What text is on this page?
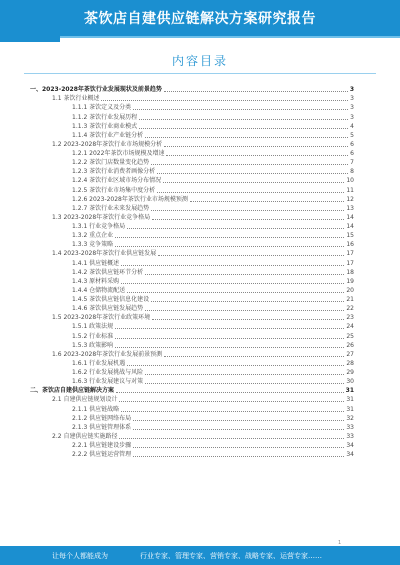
茶饮店自建供应链解决方案研究报告
内容目录
一、2023-2028年茶饮行业发展现状及前景趋势	3
1.1 茶饮行业概述	3
1.1.1 茶饮定义及分类	3
1.1.2 茶饮行业发展历程	3
1.1.3 茶饮行业商业模式	4
1.1.4 茶饮行业产业链分析	5
1.2 2023-2028年茶饮行业市场规模分析	6
1.2.1 2022年茶饮市场规模及增速	6
1.2.2 茶饮门店数量变化趋势	7
1.2.3 茶饮行业消费者画像分析	8
1.2.4 茶饮行业区域市场分布情况	10
1.2.5 茶饮行业市场集中度分析	11
1.2.6 2023-2028年茶饮行业市场规模预测	12
1.2.7 茶饮行业未来发展趋势	13
1.3 2023-2028年茶饮行业竞争格局	14
1.3.1 行业竞争格局	14
1.3.2 重点企业	15
1.3.3 竞争策略	16
1.4 2023-2028年茶饮行业供应链发展	17
1.4.1 供应链概述	17
1.4.2 茶饮供应链环节分析	18
1.4.3 原材料采购	19
1.4.4 仓储物流配送	20
1.4.5 茶饮供应链信息化建设	21
1.4.6 茶饮供应链发展趋势	22
1.5 2023-2028年茶饮行业政策环境	23
1.5.1 政策法规	24
1.5.2 行业标准	25
1.5.3 政策影响	26
1.6 2023-2028年茶饮行业发展前景预测	27
1.6.1 行业发展机遇	28
1.6.2 行业发展挑战与风险	29
1.6.3 行业发展建议与对策	30
二、茶饮店自建供应链解决方案	31
2.1 自建供应链规划设计	31
2.1.1 供应链战略	31
2.1.2 供应链网络布局	32
2.1.3 供应链管理体系	33
2.2 自建供应链实施路径	33
2.2.1 供应链建设步骤	34
2.2.2 供应链运营管理	34
1
让每个人都能成为	行业专家、管理专家、营销专家、战略专家、运营专家……
